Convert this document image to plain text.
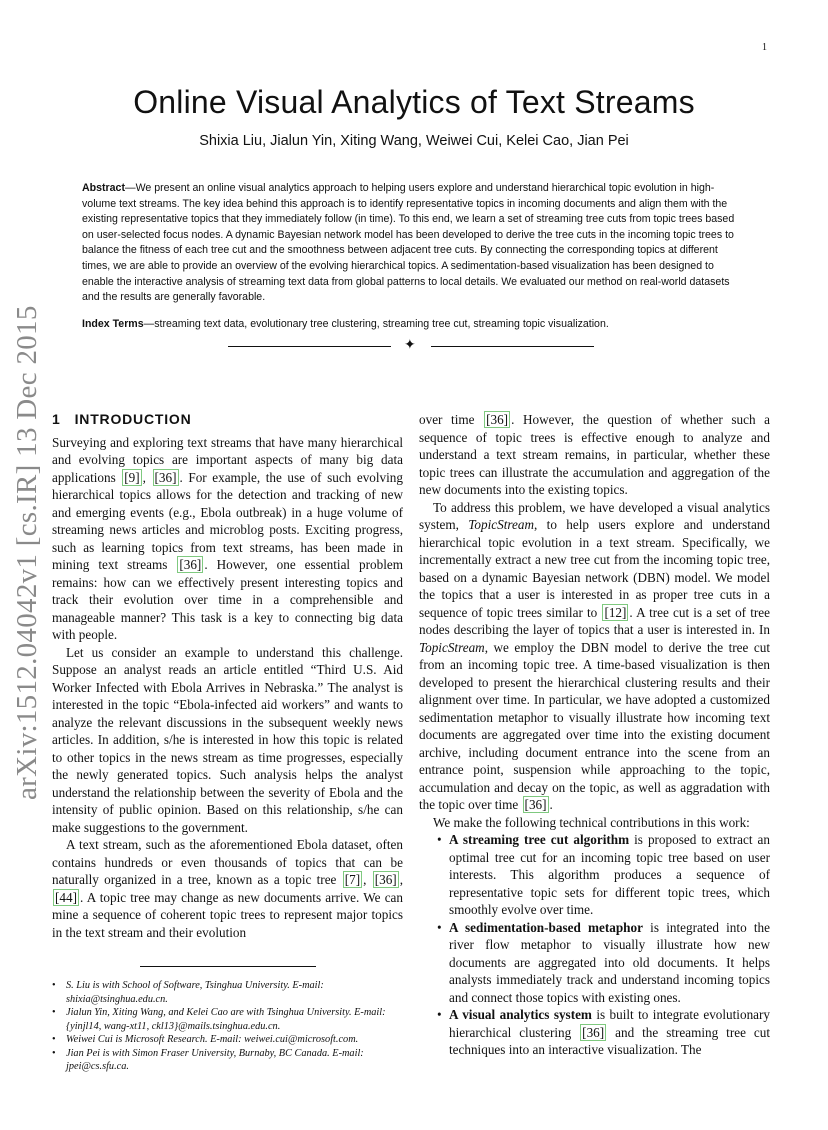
1
Online Visual Analytics of Text Streams
Shixia Liu, Jialun Yin, Xiting Wang, Weiwei Cui, Kelei Cao, Jian Pei
Abstract—We present an online visual analytics approach to helping users explore and understand hierarchical topic evolution in high-volume text streams. The key idea behind this approach is to identify representative topics in incoming documents and align them with the existing representative topics that they immediately follow (in time). To this end, we learn a set of streaming tree cuts from topic trees based on user-selected focus nodes. A dynamic Bayesian network model has been developed to derive the tree cuts in the incoming topic trees to balance the fitness of each tree cut and the smoothness between adjacent tree cuts. By connecting the corresponding topics at different times, we are able to provide an overview of the evolving hierarchical topics. A sedimentation-based visualization has been designed to enable the interactive analysis of streaming text data from global patterns to local details. We evaluated our method on real-world datasets and the results are generally favorable.
Index Terms—streaming text data, evolutionary tree clustering, streaming tree cut, streaming topic visualization.
✦
arXiv:1512.04042v1 [cs.IR] 13 Dec 2015 1 INTRODUCTION

Surveying and exploring text streams that have many hierarchical and evolving topics are important aspects of many big data applications [9] , [36] . For example, the use of such evolving hierarchical topics allows for the detection and tracking of new and emerging events (e.g., Ebola outbreak) in a huge volume of streaming news articles and microblog posts. Exciting progress, such as learning topics from text streams, has been made in mining text streams [36] . However, one essential problem remains: how can we effectively present interesting topics and track their evolution over time in a comprehensible and manageable manner? This task is a key to connecting big data with people.

Let us consider an example to understand this challenge. Suppose an analyst reads an article entitled “Third U.S. Aid Worker Infected with Ebola Arrives in Nebraska.” The analyst is interested in the topic “Ebola-infected aid workers” and wants to analyze the relevant discussions in the subsequent weekly news articles. In addition, s/he is interested in how this topic is related to other topics in the news stream as time progresses, especially the newly generated topics. Such analysis helps the analyst understand the relationship between the severity of Ebola and the intensity of public opinion. Based on this relationship, s/he can make suggestions to the government.

A text stream, such as the aforementioned Ebola dataset, often contains hundreds or even thousands of topics that can be naturally organized in a tree, known as a topic tree [7] , [36] , [44] . A topic tree may change as new documents arrive. We can mine a sequence of coherent topic trees to represent major topics in the text stream and their evolution

• S. Liu is with School of Software, Tsinghua University. E-mail: shixia@tsinghua.edu.cn.
• Jialun Yin, Xiting Wang, and Kelei Cao are with Tsinghua University. E-mail: {yinjl14, wang-xt11, ckl13}@mails.tsinghua.edu.cn.
• Weiwei Cui is Microsoft Research. E-mail: weiwei.cui@microsoft.com.
• Jian Pei is with Simon Fraser University, Burnaby, BC Canada. E-mail: jpei@cs.sfu.ca.

over time [36] . However, the question of whether such a sequence of topic trees is effective enough to analyze and understand a text stream remains, in particular, whether these topic trees can illustrate the accumulation and aggregation of the new documents into the existing topics.

To address this problem, we have developed a visual analytics system, TopicStream, to help users explore and understand hierarchical topic evolution in a text stream. Specifically, we incrementally extract a new tree cut from the incoming topic tree, based on a dynamic Bayesian network (DBN) model. We model the topics that a user is interested in as proper tree cuts in a sequence of topic trees similar to [12] . A tree cut is a set of tree nodes describing the layer of topics that a user is interested in. In TopicStream, we employ the DBN model to derive the tree cut from an incoming topic tree. A time-based visualization is then developed to present the hierarchical clustering results and their alignment over time. In particular, we have adopted a customized sedimentation metaphor to visually illustrate how incoming text documents are aggregated over time into the existing document archive, including document entrance into the scene from an entrance point, suspension while approaching to the topic, accumulation and decay on the topic, as well as aggradation with the topic over time [36] .

We make the following technical contributions in this work:

• A streaming tree cut algorithm is proposed to extract an optimal tree cut for an incoming topic tree based on user interests. This algorithm produces a sequence of representative topic sets for different topic trees, which smoothly evolve over time.
• A sedimentation-based metaphor is integrated into the river flow metaphor to visually illustrate how new documents are aggregated into old documents. It helps analysts immediately track and understand incoming topics and connect those topics with existing ones.
• A visual analytics system is built to integrate evolutionary hierarchical clustering [36] and the streaming tree cut techniques into an interactive visualization. The
